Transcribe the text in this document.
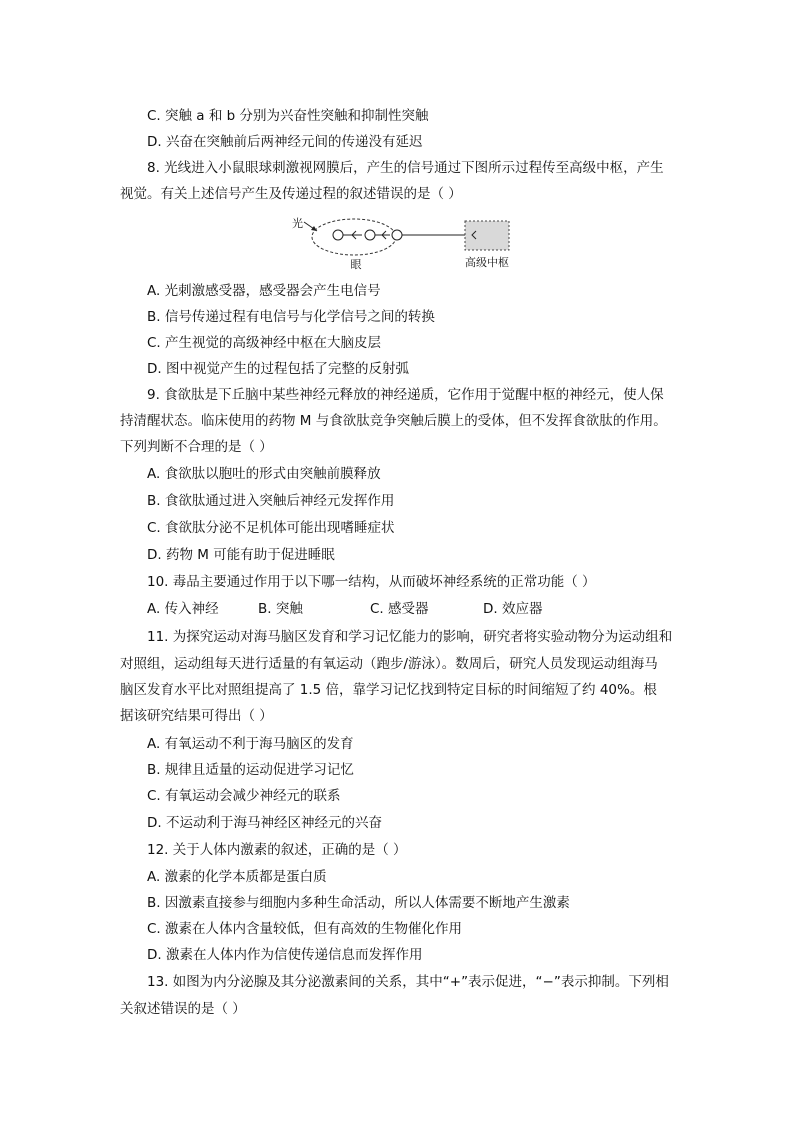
C. 突触 a 和 b 分别为兴奋性突触和抑制性突触
D. 兴奋在突触前后两神经元间的传递没有延迟
8. 光线进入小鼠眼球刺激视网膜后，产生的信号通过下图所示过程传至高级中枢，产生
视觉。有关上述信号产生及传递过程的叙述错误的是（ ）
光
眼	高级中枢
A. 光刺激感受器，感受器会产生电信号
B. 信号传递过程有电信号与化学信号之间的转换
C. 产生视觉的高级神经中枢在大脑皮层
D. 图中视觉产生的过程包括了完整的反射弧
9. 食欲肽是下丘脑中某些神经元释放的神经递质，它作用于觉醒中枢的神经元，使人保
持清醒状态。临床使用的药物 M 与食欲肽竞争突触后膜上的受体，但不发挥食欲肽的作用。
下列判断不合理的是（ ）
A. 食欲肽以胞吐的形式由突触前膜释放
B. 食欲肽通过进入突触后神经元发挥作用
C. 食欲肽分泌不足机体可能出现嗜睡症状
D. 药物 M 可能有助于促进睡眠
10. 毒品主要通过作用于以下哪一结构，从而破坏神经系统的正常功能（ ）
A. 传入神经	B. 突触	C. 感受器	D. 效应器
11. 为探究运动对海马脑区发育和学习记忆能力的影响，研究者将实验动物分为运动组和
对照组，运动组每天进行适量的有氧运动（跑步/游泳）。数周后，研究人员发现运动组海马
脑区发育水平比对照组提高了 1.5 倍，靠学习记忆找到特定目标的时间缩短了约 40%。根
据该研究结果可得出（ ）
A. 有氧运动不利于海马脑区的发育
B. 规律且适量的运动促进学习记忆
C. 有氧运动会减少神经元的联系
D. 不运动利于海马神经区神经元的兴奋
12. 关于人体内激素的叙述，正确的是（ ）
A. 激素的化学本质都是蛋白质
B. 因激素直接参与细胞内多种生命活动，所以人体需要不断地产生激素
C. 激素在人体内含量较低，但有高效的生物催化作用
D. 激素在人体内作为信使传递信息而发挥作用
13. 如图为内分泌腺及其分泌激素间的关系，其中“+”表示促进，“−”表示抑制。下列相
关叙述错误的是（ ）
